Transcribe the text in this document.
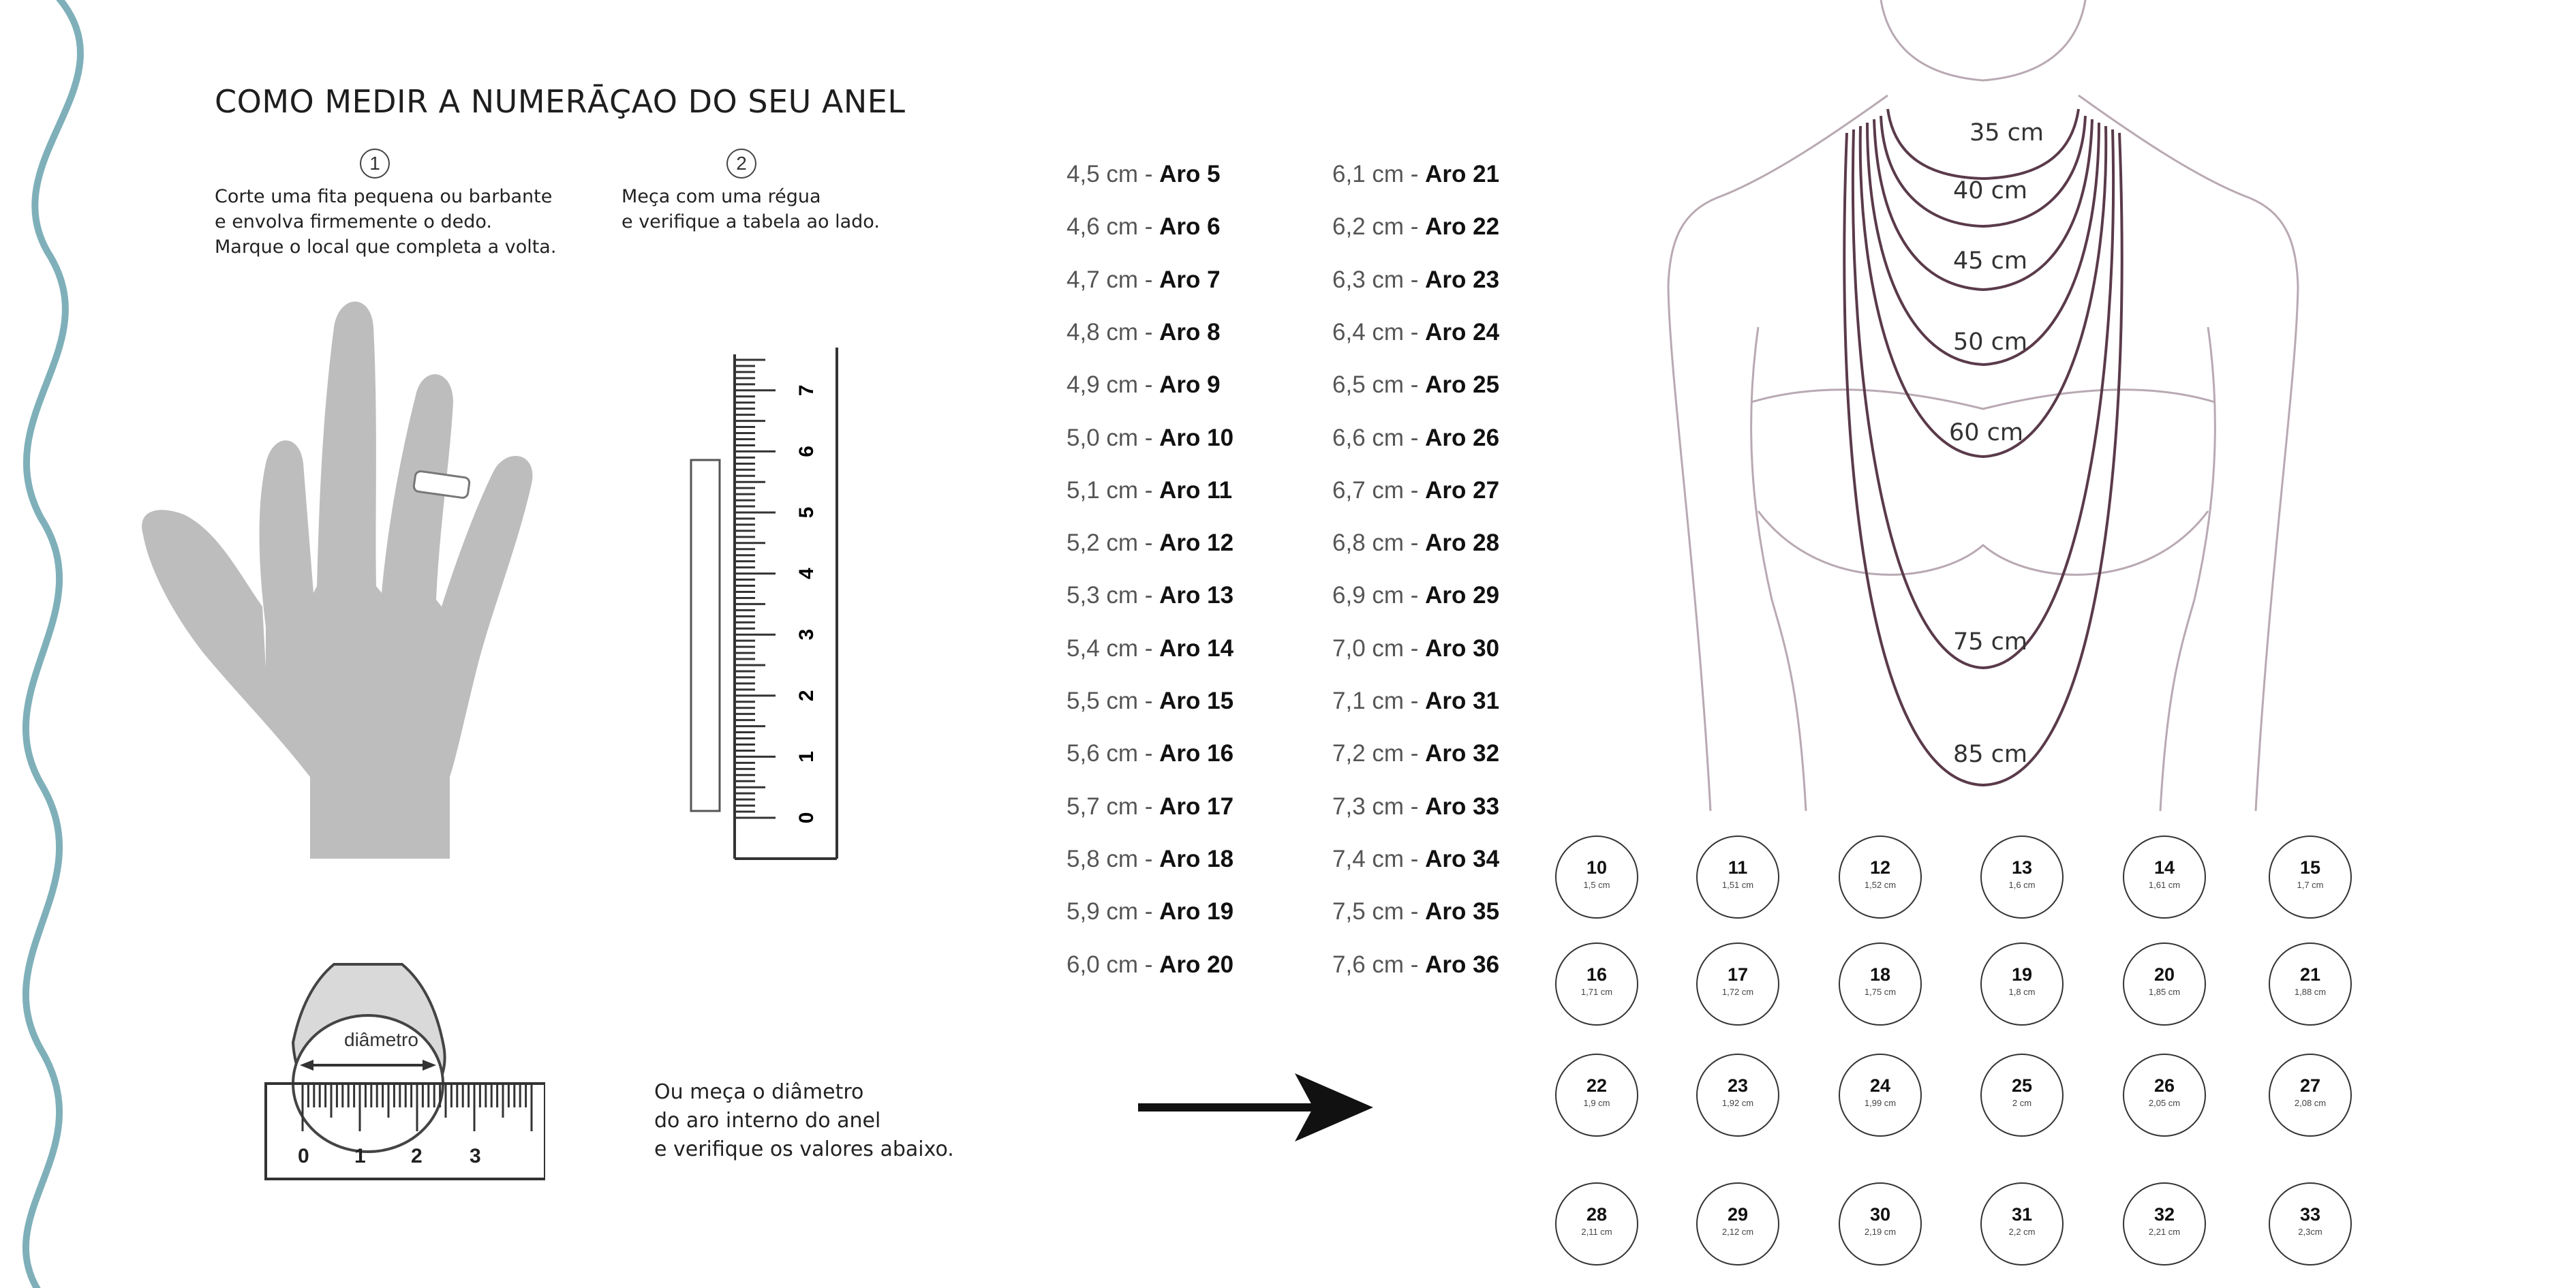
COMO MEDIR A NUMERĀÇAO DO SEU ANEL
1
Corte uma fita pequena ou barbante
e envolva firmemente o dedo.
Marque o local que completa a volta.
2
Meça com uma régua
e verifique a tabela ao lado.
7
6
5
4
3
2
1
0
diâmetro
0 1 2 3
Ou meça o diâmetro
do aro interno do anel
e verifique os valores abaixo.
4,5 cm - Aro 5
4,6 cm - Aro 6
4,7 cm - Aro 7
4,8 cm - Aro 8
4,9 cm - Aro 9
5,0 cm - Aro 10
5,1 cm - Aro 11
5,2 cm - Aro 12
5,3 cm - Aro 13
5,4 cm - Aro 14
5,5 cm - Aro 15
5,6 cm - Aro 16
5,7 cm - Aro 17
5,8 cm - Aro 18
5,9 cm - Aro 19
6,0 cm - Aro 20
6,1 cm - Aro 21
6,2 cm - Aro 22
6,3 cm - Aro 23
6,4 cm - Aro 24
6,5 cm - Aro 25
6,6 cm - Aro 26
6,7 cm - Aro 27
6,8 cm - Aro 28
6,9 cm - Aro 29
7,0 cm - Aro 30
7,1 cm - Aro 31
7,2 cm - Aro 32
7,3 cm - Aro 33
7,4 cm - Aro 34
7,5 cm - Aro 35
7,6 cm - Aro 36
35 cm
40 cm
45 cm
50 cm
60 cm
75 cm
85 cm
10
1,5 cm
11
1,51 cm
12
1,52 cm
13
1,6 cm
14
1,61 cm
15
1,7 cm
16
1,71 cm
17
1,72 cm
18
1,75 cm
19
1,8 cm
20
1,85 cm
21
1,88 cm
22
1,9 cm
23
1,92 cm
24
1,99 cm
25
2 cm
26
2,05 cm
27
2,08 cm
28
2,11 cm
29
2,12 cm
30
2,19 cm
31
2,2 cm
32
2,21 cm
33
2,3cm
